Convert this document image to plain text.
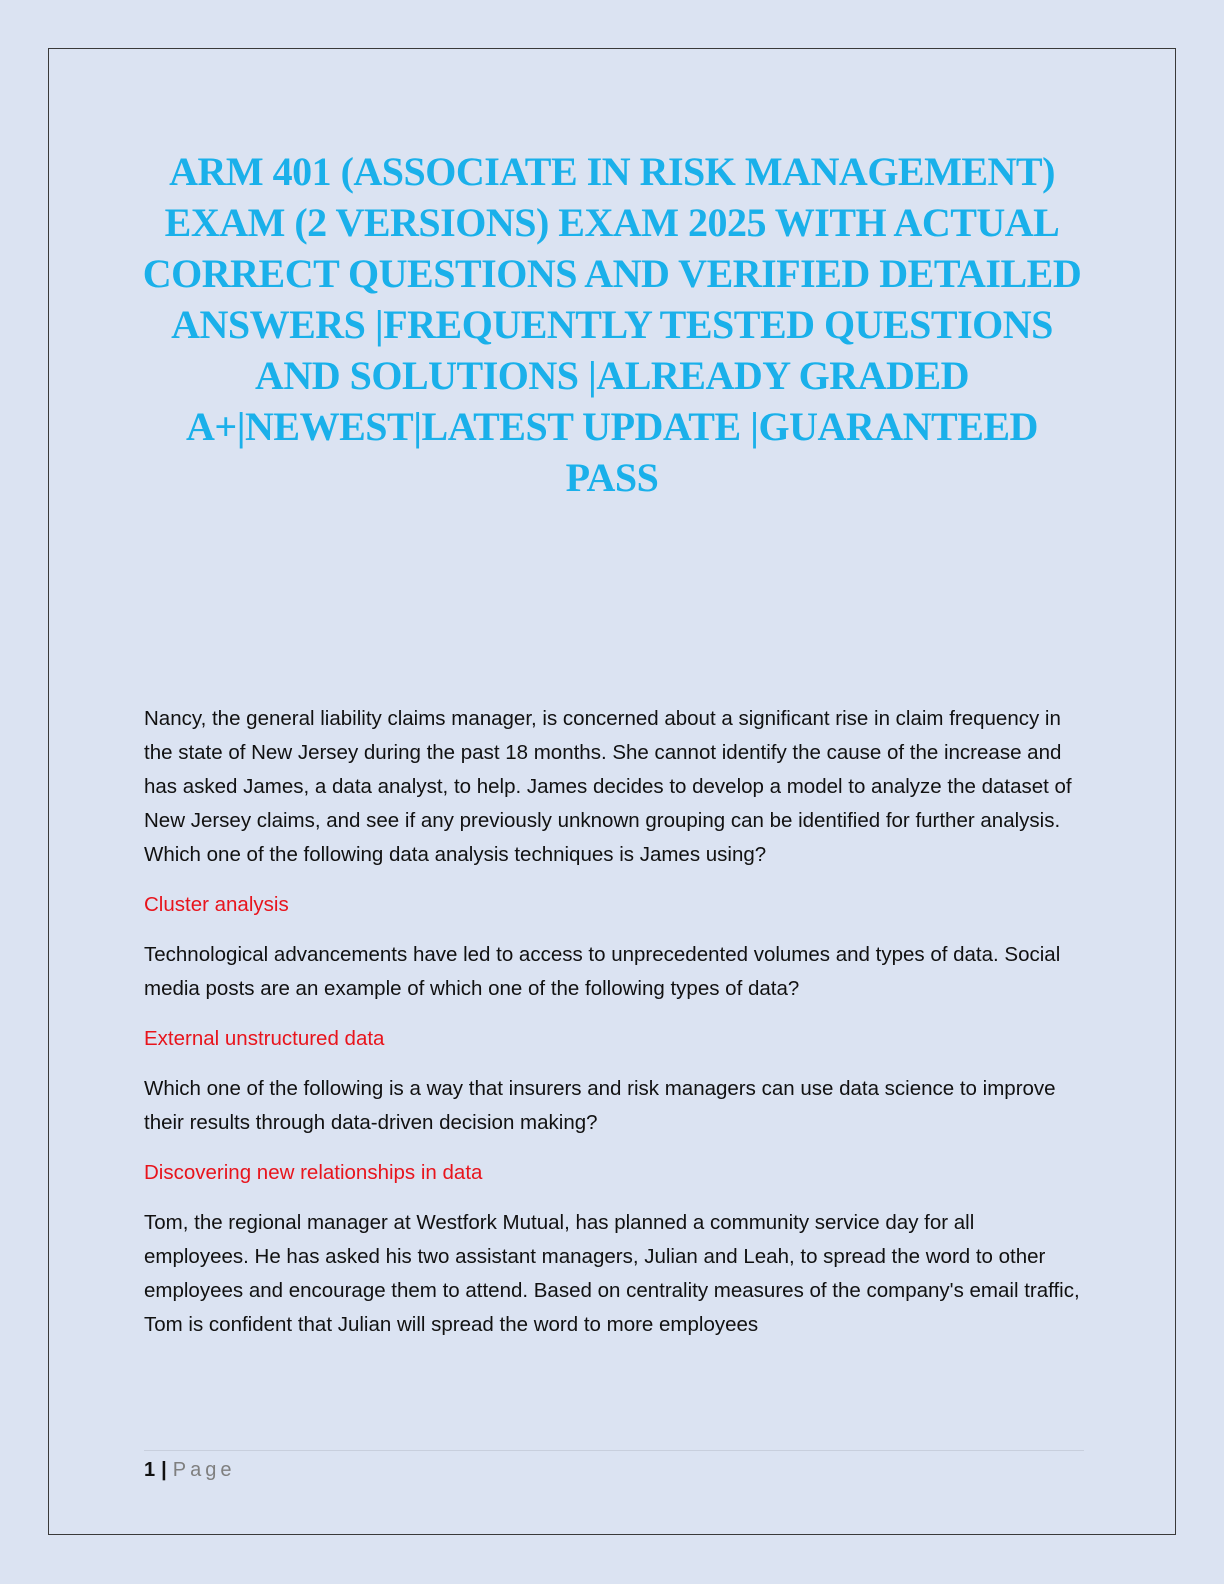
ARM 401 (ASSOCIATE IN RISK MANAGEMENT) EXAM (2 VERSIONS) EXAM 2025 WITH ACTUAL CORRECT QUESTIONS AND VERIFIED DETAILED ANSWERS |FREQUENTLY TESTED QUESTIONS AND SOLUTIONS |ALREADY GRADED A+|NEWEST|LATEST UPDATE |GUARANTEED PASS

Nancy, the general liability claims manager, is concerned about a significant rise in claim frequency in the state of New Jersey during the past 18 months. She cannot identify the cause of the increase and has asked James, a data analyst, to help. James decides to develop a model to analyze the dataset of New Jersey claims, and see if any previously unknown grouping can be identified for further analysis. Which one of the following data analysis techniques is James using?

Cluster analysis

Technological advancements have led to access to unprecedented volumes and types of data. Social media posts are an example of which one of the following types of data?

External unstructured data

Which one of the following is a way that insurers and risk managers can use data science to improve their results through data-driven decision making?

Discovering new relationships in data

Tom, the regional manager at Westfork Mutual, has planned a community service day for all employees. He has asked his two assistant managers, Julian and Leah, to spread the word to other employees and encourage them to attend. Based on centrality measures of the company's email traffic, Tom is confident that Julian will spread the word to more employees

1 | Page
